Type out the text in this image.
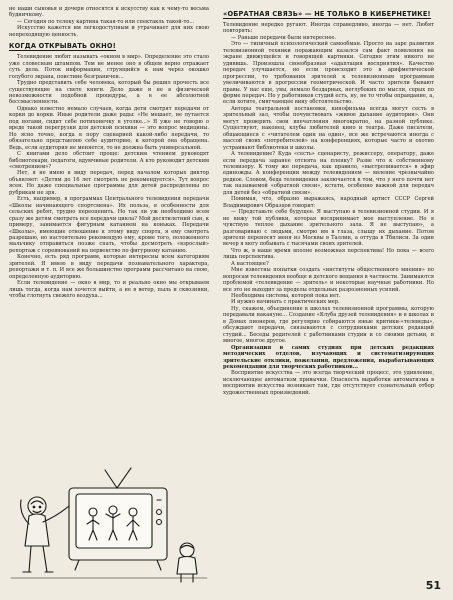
не наши сыновья и дочери относятся к искусству как к чему-то весьма будничному.

— Сегодня по телеку картина такая-то или спектакль такой-то...

Искусство кажется им легкодоступным и утрачивает для них свою непреходящую ценность.

КОГДА ОТКРЫВАТЬ ОКНО!

Телевидение любят называть «окном в мир». Определение это стало уже словесным штампом. Тем не менее оно в общем верно отражает суть дела. Поток информации, струящийся к нам через окошко голубого экрана, поистине безграничен...

Трудно представить себе человека, который бы решил прочесть все существующие на свете книги. Дело даже и не в физической невозможности подобной процедуры, а в ее абсолютной бессмысленности.

Однако известно немало случаев, когда дети смотрят передачи от корки до корки. Иные родители даже рады: «Не мешает, не путается под ногами, сидит себе потихонечку в уголке...» Я уже не говорю о вреде такой перегрузки для детской психики — это вопрос медицины. Но ясно точно, когда в пору сценарией какой-либо передачи, то обязательно представляю себе аудиторию, к которой она обращена. Ведь, если аудитория не меняется, то не должна быть универсальной.

С книгами дело обстоит проще: детским чтением руководят библиотекари, педагоги, вдумчивые родители. А кто руководит детским «смотрением»?

Нет, я не имею в виду передач, перед началом которых диктор объявляет: «Детям до 16 лет смотреть не рекомендуется». Тут вопрос ясен. Но даже специальные программы для детей распределены по рубрикам не зря.

Есть, например, в программах Центрального телевидения передачи «Школы начинающего спортсмена». Их польза, в особенности для сельских ребят, трудно переоценить. Но так ли уж необходимо всем сразу же детям смотреть все передачи цикла? Мой десятилетний сын, к примеру, занимается фигурным катанием на коньках. Передачи «Школы», имеющие отношение к этому виду спорта, я ему смотреть разрешаю, но настоятельно рекомендую ему, кроме того, положенного мальчику отправиться позже спать, чтобы досмотреть «взрослый» репортаж с соревнований на первенство по фигурному катанию.

Конечно, есть ряд программ, которые интересны всем категориям зрителей. Я имею в виду передачи познавательного характера, репортажи и т. п. И все же большинство программ рассчитано на свою, определенную аудиторию.

Если телевидение — окно в мир, то и реально окно мы открываем лишь тогда, когда нам хочется выйти, а не в ветер, пыль и сквозняки, чтобы глотнуть свежего воздуха...

«ОБРАТНАЯ СВЯЗЬ» — НЕ ТОЛЬКО В КИБЕРНЕТИКЕ!

Телевидение нередко ругают. Иногда справедливо, иногда — нет. Любят повторять:

— Раньше передачи были интереснее.

Это — типичный психологический самообман. Просто на заре развития телевизионной техники поражающим казался сам факт появления на экране движущейся и говорящей картинки. Сегодня этим никого не удивишь. Произошла своеобразная «адаптация восприятия». Качество передач улучшается, но если происходит это в арифметической прогрессии, то требования зрителей к телевизионным программам увеличиваются в прогрессии геометрической. И часто зрители бывают правы. У нас еще, увы, немало бездарных, неглубоких по мысли, серых по форме передач. Но у работников студий есть, ну, не то чтобы оправдание, а, если хотите, смягчающее вину обстоятельство.

Авторы театральной постановки, кинофильма всегда могут сесть в зрительный зал, чтобы почувствовать «живое дыхание аудитории». Они могут проверить свои впечатления многократно, на разной публике. Существуют, наконец, клубы любителей кино и театра. Даже писатели, общающиеся с «читателем один на один», все же встречаются иногда с массой своих «потребителей» на конференциях, которые часто и охотно устраивают библиотеки и школы.

А телевидение? Куда «сесть» сценаристу, режиссеру, оператору, даже если передача заранее отснята на пленку? Разве что к собственному телевизору. К тому же передача, как правило, «выстреливается» в эфир единожды. А конференции между телевидением — явление чрезвычайно редкое. Словом, беда телевидения заключается в том, что у него почти нет так называемой «обратной связи», кстати, особенно важной для передач для детей без «обратной связи».

Понимая, что, образно выражаясь, народный артист СССР Сергей Владимирович Образцов говорит:

— Представьте себе будущее. Я выступаю в телевизионной студии. И я не вижу той публики, которая воспринимает мое выступление. Но я чувствую теплое дыхание зрительного зала. Я не выступаю», а разговариваю с людьми, смотрю им в глаза, слышу их дыхание. Потом зрители переносят меня из Москвы в Таллин, а оттуда в Тбилиси. За один вечер я могу побывать с тысячами своих зрителей.

Что ж, в наше время вполне возможная перспектива! Но пока — всего лишь перспектива.

А настоящее?

Мне известны попытки создать «институты общественного мнения» по вопросам телевидения вообще и детского вещания в частности. Занимаются проблемой «телевидение — зритель» и некоторые научные работники. Но все это не выходит за пределы отдельных разрозненных усилий.

Необходима система, которой пока нет.

И нужно начинать с практических мер.

Ну, скажем, объединение в школах телевизионной программы, которую передавали накануне... Создание «Клуба друзей телевидения» и в школах и в Домах пионеров, где регулярно собираются юные критики-«телеведы», обсуждают передачи, связываются с сотрудниками детских редакций студий... Беседы родителей с работниками студии и со своими детьми, и многое, многое другое.

Организация в самих студиях при детских редакциях методических отделов, изучающих и систематизирующих зрительские отклики, пожелания, предложения, вырабатывающих рекомендации для творческих работников...

Восприятие искусства — это всегда творческий процесс, это удивление, исключающее автоматизм привычки. Опасность выработки автоматизма в восприятии искусства возникает там, где отсутствует сознательный отбор художественных произведений.

51
